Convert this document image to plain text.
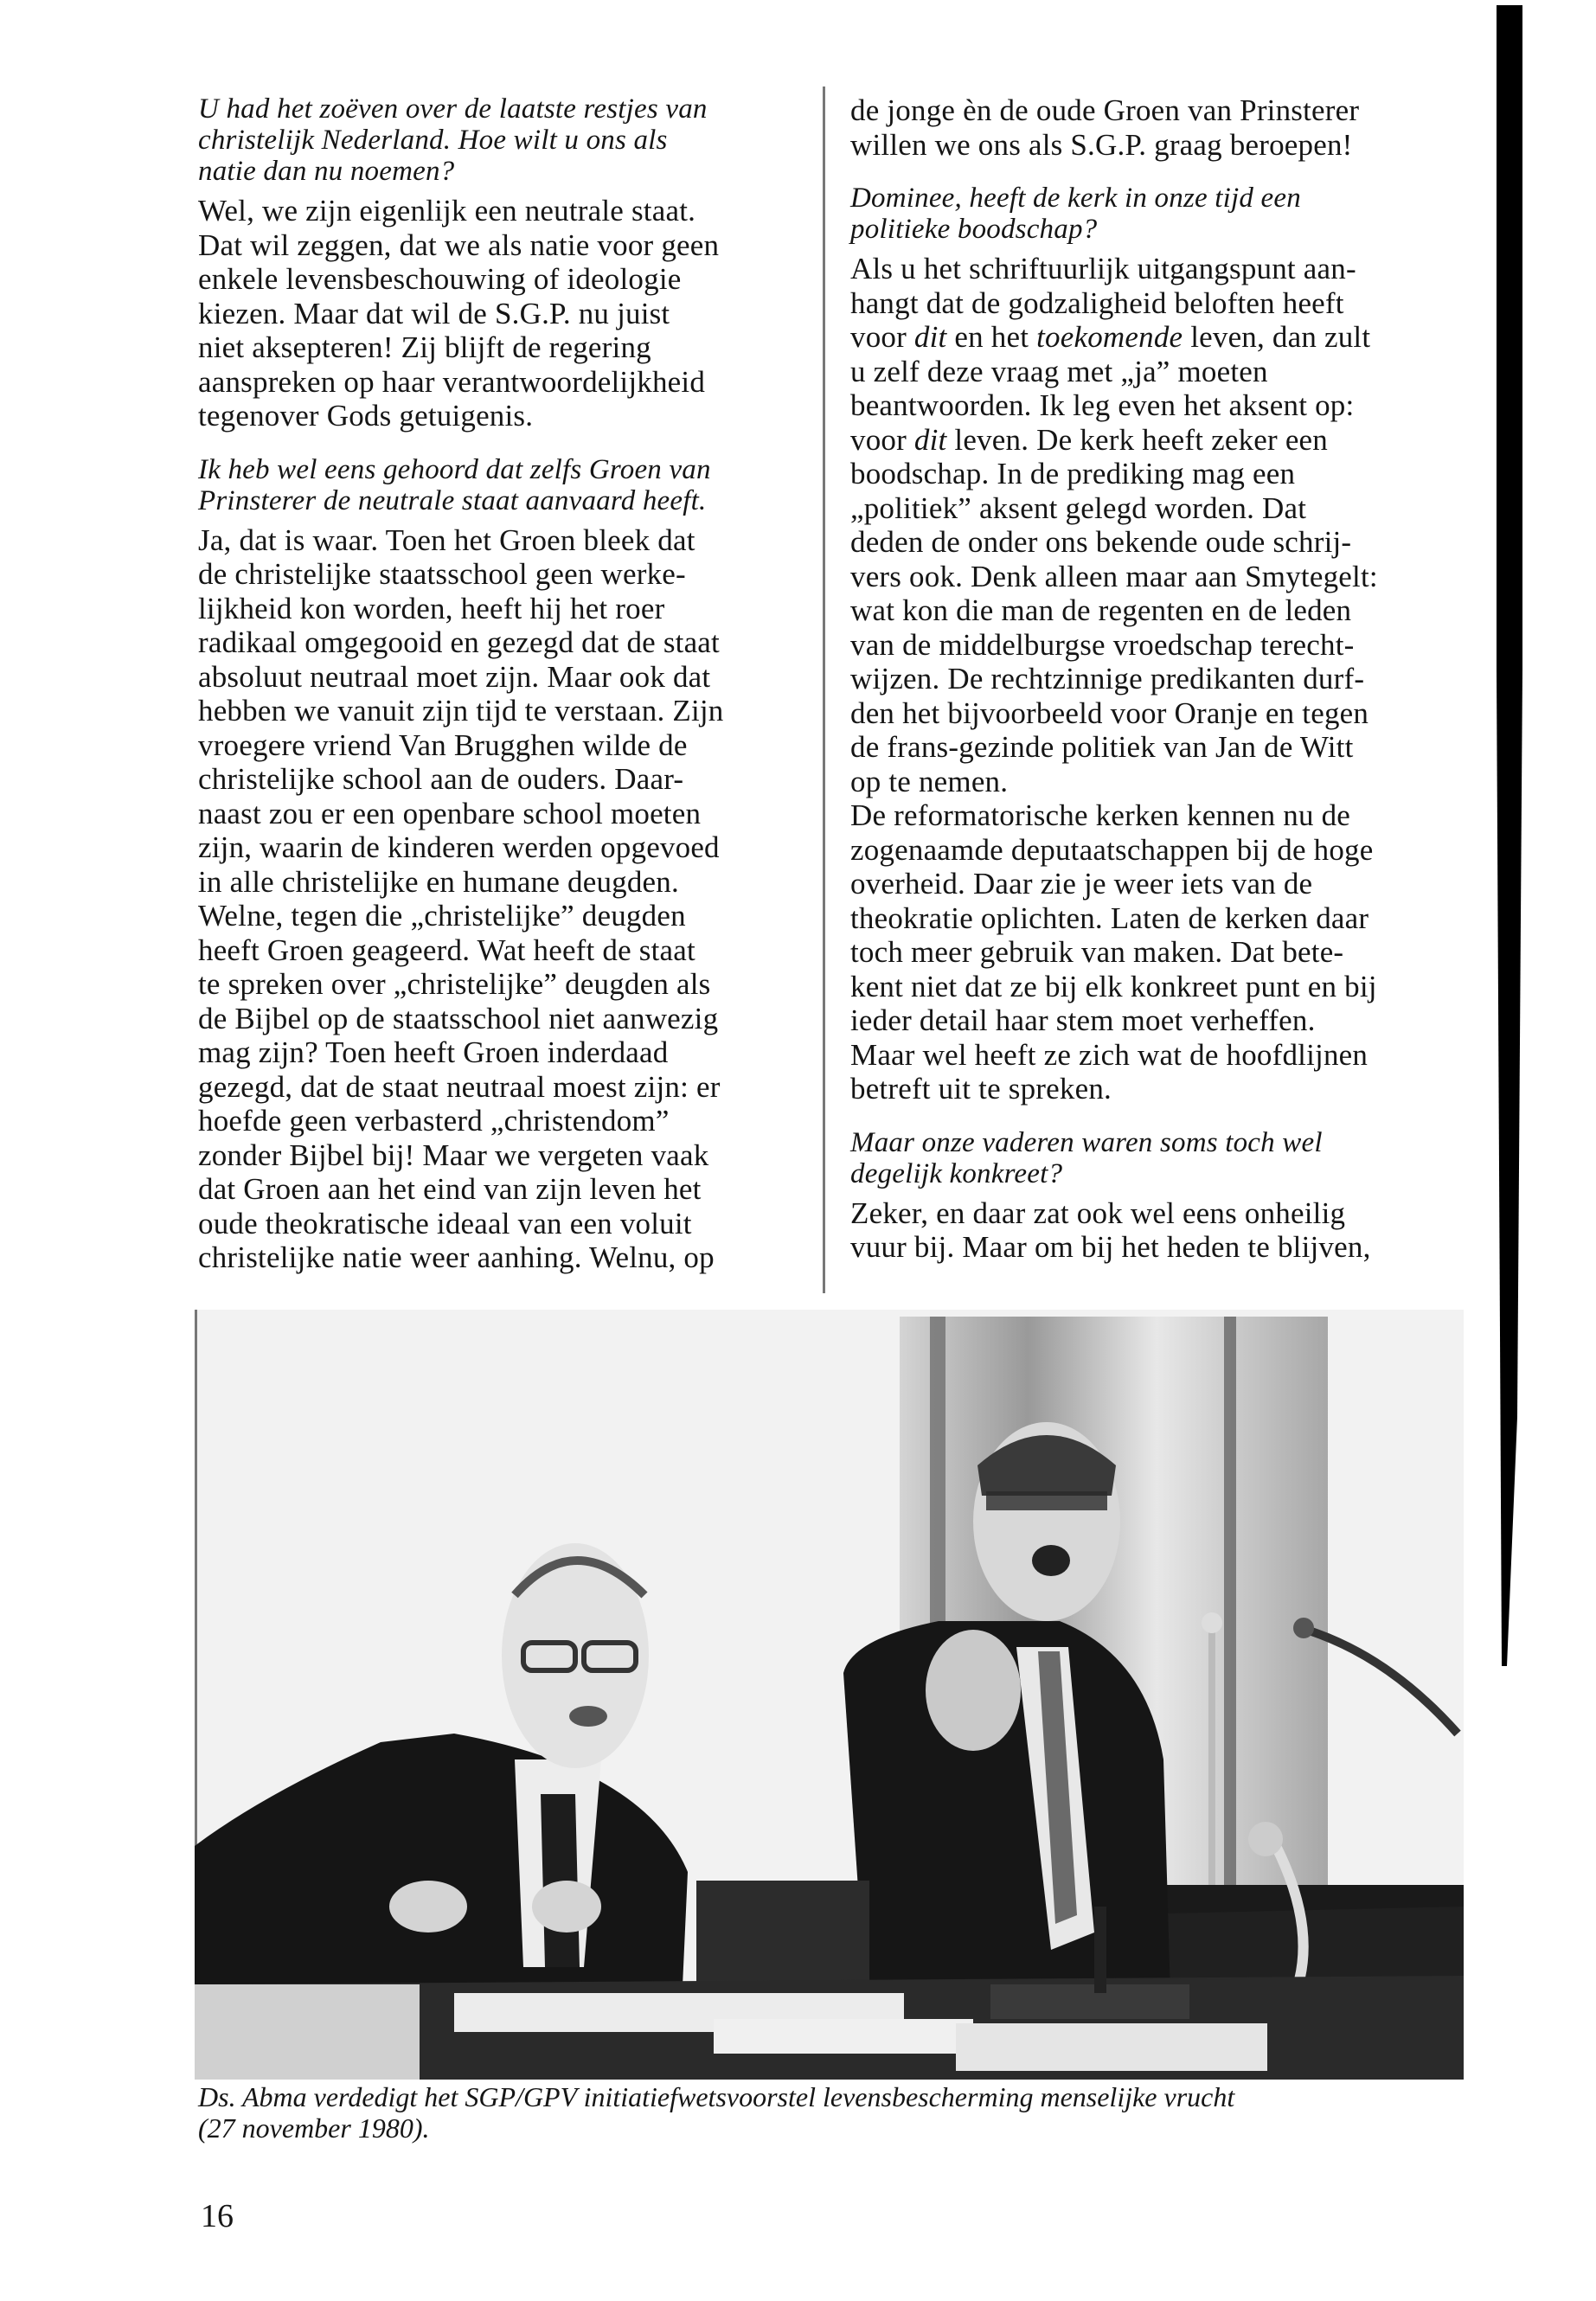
U had het zoëven over de laatste restjes van
christelijk Nederland. Hoe wilt u ons als
natie dan nu noemen?
Wel, we zijn eigenlijk een neutrale staat.
Dat wil zeggen, dat we als natie voor geen
enkele levensbeschouwing of ideologie
kiezen. Maar dat wil de S.G.P. nu juist
niet aksepteren! Zij blijft de regering
aanspreken op haar verantwoordelijkheid
tegenover Gods getuigenis.
Ik heb wel eens gehoord dat zelfs Groen van
Prinsterer de neutrale staat aanvaard heeft.
Ja, dat is waar. Toen het Groen bleek dat
de christelijke staatsschool geen werke-
lijkheid kon worden, heeft hij het roer
radikaal omgegooid en gezegd dat de staat
absoluut neutraal moet zijn. Maar ook dat
hebben we vanuit zijn tijd te verstaan. Zijn
vroegere vriend Van Brugghen wilde de
christelijke school aan de ouders. Daar-
naast zou er een openbare school moeten
zijn, waarin de kinderen werden opgevoed
in alle christelijke en humane deugden.
Welne, tegen die „christelijke” deugden
heeft Groen geageerd. Wat heeft de staat
te spreken over „christelijke” deugden als
de Bijbel op de staatsschool niet aanwezig
mag zijn? Toen heeft Groen inderdaad
gezegd, dat de staat neutraal moest zijn: er
hoefde geen verbasterd „christendom”
zonder Bijbel bij! Maar we vergeten vaak
dat Groen aan het eind van zijn leven het
oude theokratische ideaal van een voluit
christelijke natie weer aanhing. Welnu, op
de jonge èn de oude Groen van Prinsterer
willen we ons als S.G.P. graag beroepen!
Dominee, heeft de kerk in onze tijd een
politieke boodschap?
Als u het schriftuurlijk uitgangspunt aan-
hangt dat de godzaligheid beloften heeft
voor dit en het toekomende leven, dan zult
u zelf deze vraag met „ja” moeten
beantwoorden. Ik leg even het aksent op:
voor dit leven. De kerk heeft zeker een
boodschap. In de prediking mag een
„politiek” aksent gelegd worden. Dat
deden de onder ons bekende oude schrij-
vers ook. Denk alleen maar aan Smytegelt:
wat kon die man de regenten en de leden
van de middelburgse vroedschap terecht-
wijzen. De rechtzinnige predikanten durf-
den het bijvoorbeeld voor Oranje en tegen
de frans-gezinde politiek van Jan de Witt
op te nemen.
De reformatorische kerken kennen nu de
zogenaamde deputaatschappen bij de hoge
overheid. Daar zie je weer iets van de
theokratie oplichten. Laten de kerken daar
toch meer gebruik van maken. Dat bete-
kent niet dat ze bij elk konkreet punt en bij
ieder detail haar stem moet verheffen.
Maar wel heeft ze zich wat de hoofdlijnen
betreft uit te spreken.
Maar onze vaderen waren soms toch wel
degelijk konkreet?
Zeker, en daar zat ook wel eens onheilig
vuur bij. Maar om bij het heden te blijven,
Ds. Abma verdedigt het SGP/GPV initiatiefwetsvoorstel levensbescherming menselijke vrucht
(27 november 1980).
16
